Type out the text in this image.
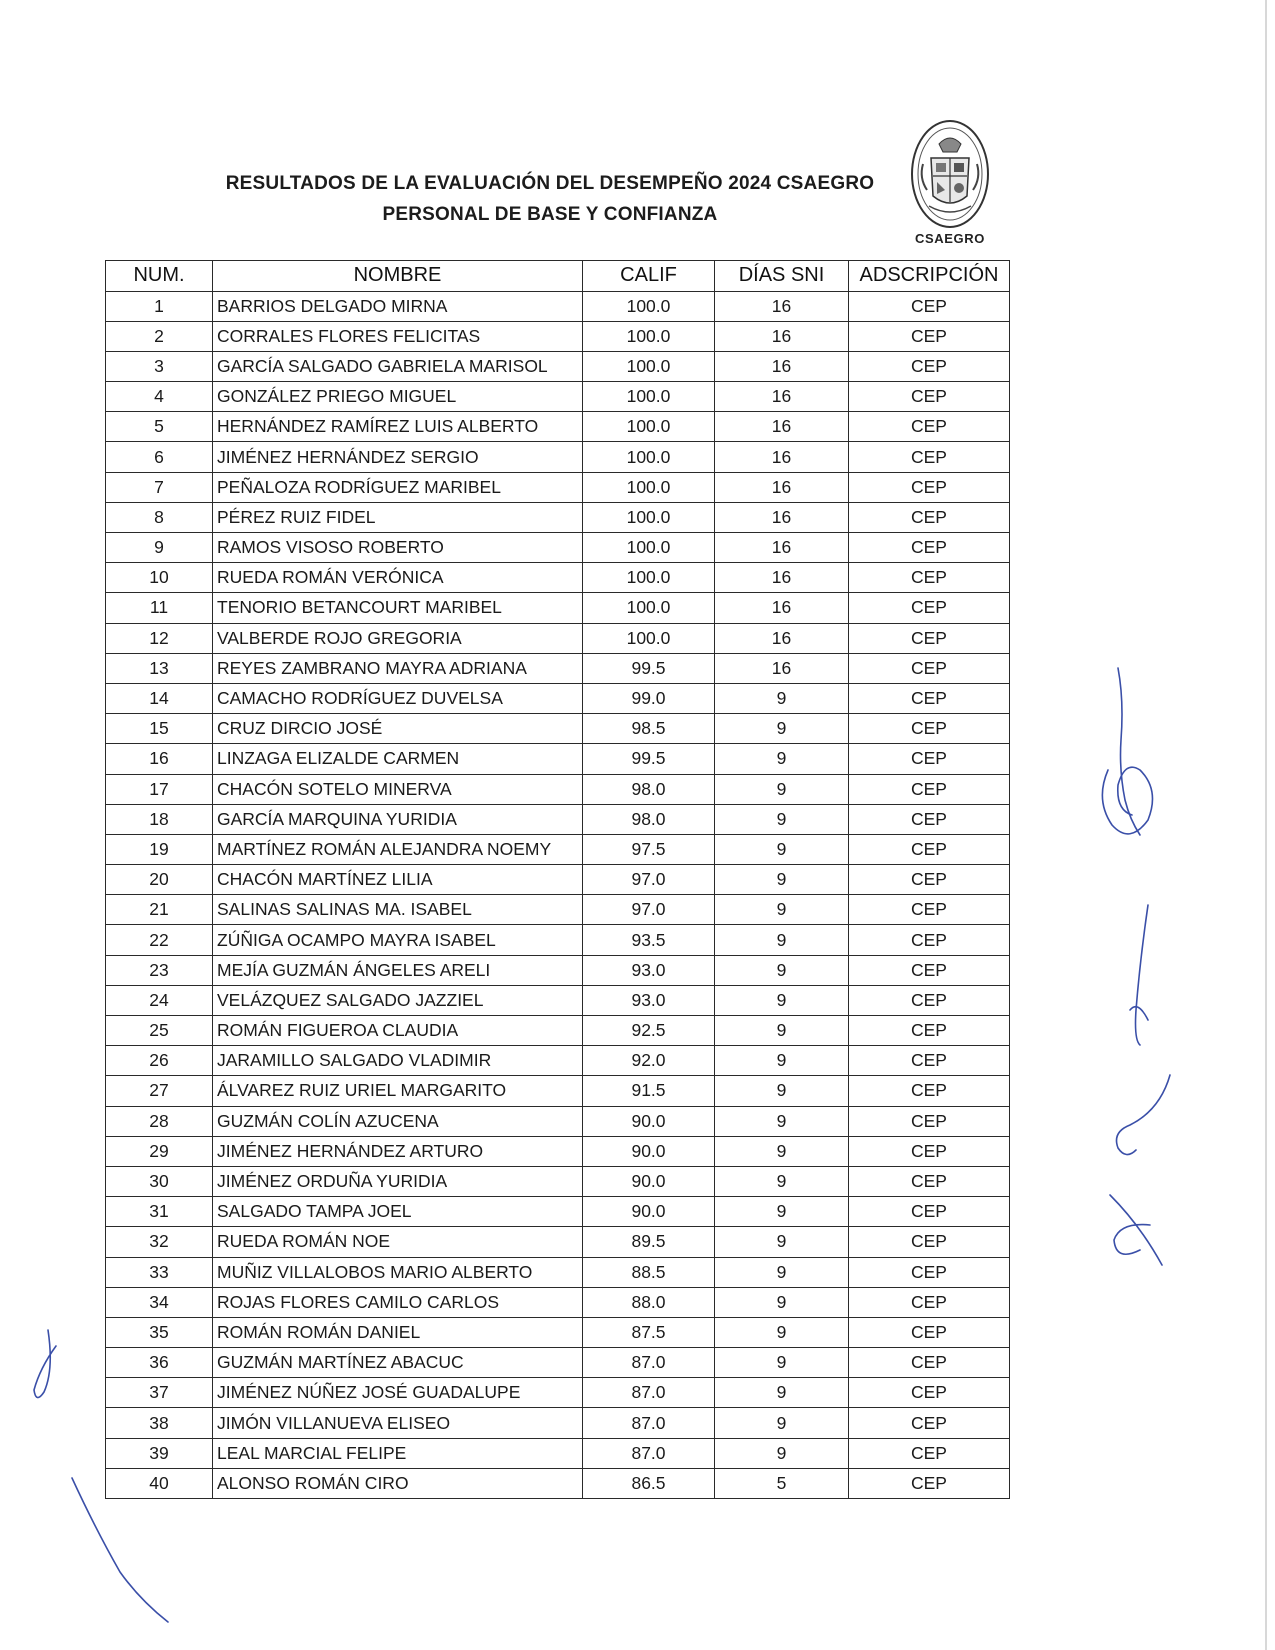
RESULTADOS DE LA EVALUACIÓN DEL DESEMPEÑO 2024 CSAEGRO
PERSONAL DE BASE Y CONFIANZA
CSAEGRO
NUM.	NOMBRE	CALIF	DÍAS SNI	ADSCRIPCIÓN
1	BARRIOS DELGADO MIRNA	100.0	16	CEP
2	CORRALES FLORES FELICITAS	100.0	16	CEP
3	GARCÍA SALGADO GABRIELA MARISOL	100.0	16	CEP
4	GONZÁLEZ PRIEGO MIGUEL	100.0	16	CEP
5	HERNÁNDEZ RAMÍREZ LUIS ALBERTO	100.0	16	CEP
6	JIMÉNEZ HERNÁNDEZ SERGIO	100.0	16	CEP
7	PEÑALOZA RODRÍGUEZ MARIBEL	100.0	16	CEP
8	PÉREZ RUIZ FIDEL	100.0	16	CEP
9	RAMOS VISOSO ROBERTO	100.0	16	CEP
10	RUEDA ROMÁN VERÓNICA	100.0	16	CEP
11	TENORIO BETANCOURT MARIBEL	100.0	16	CEP
12	VALBERDE ROJO GREGORIA	100.0	16	CEP
13	REYES ZAMBRANO MAYRA ADRIANA	99.5	16	CEP
14	CAMACHO RODRÍGUEZ DUVELSA	99.0	9	CEP
15	CRUZ DIRCIO JOSÉ	98.5	9	CEP
16	LINZAGA ELIZALDE CARMEN	99.5	9	CEP
17	CHACÓN SOTELO MINERVA	98.0	9	CEP
18	GARCÍA MARQUINA YURIDIA	98.0	9	CEP
19	MARTÍNEZ ROMÁN ALEJANDRA NOEMY	97.5	9	CEP
20	CHACÓN MARTÍNEZ LILIA	97.0	9	CEP
21	SALINAS SALINAS MA. ISABEL	97.0	9	CEP
22	ZÚÑIGA OCAMPO MAYRA ISABEL	93.5	9	CEP
23	MEJÍA GUZMÁN ÁNGELES ARELI	93.0	9	CEP
24	VELÁZQUEZ SALGADO JAZZIEL	93.0	9	CEP
25	ROMÁN FIGUEROA CLAUDIA	92.5	9	CEP
26	JARAMILLO SALGADO VLADIMIR	92.0	9	CEP
27	ÁLVAREZ RUIZ URIEL MARGARITO	91.5	9	CEP
28	GUZMÁN COLÍN AZUCENA	90.0	9	CEP
29	JIMÉNEZ HERNÁNDEZ ARTURO	90.0	9	CEP
30	JIMÉNEZ ORDUÑA YURIDIA	90.0	9	CEP
31	SALGADO TAMPA JOEL	90.0	9	CEP
32	RUEDA ROMÁN NOE	89.5	9	CEP
33	MUÑIZ VILLALOBOS MARIO ALBERTO	88.5	9	CEP
34	ROJAS FLORES CAMILO CARLOS	88.0	9	CEP
35	ROMÁN ROMÁN DANIEL	87.5	9	CEP
36	GUZMÁN MARTÍNEZ ABACUC	87.0	9	CEP
37	JIMÉNEZ NÚÑEZ JOSÉ GUADALUPE	87.0	9	CEP
38	JIMÓN VILLANUEVA ELISEO	87.0	9	CEP
39	LEAL MARCIAL FELIPE	87.0	9	CEP
40	ALONSO ROMÁN CIRO	86.5	5	CEP
